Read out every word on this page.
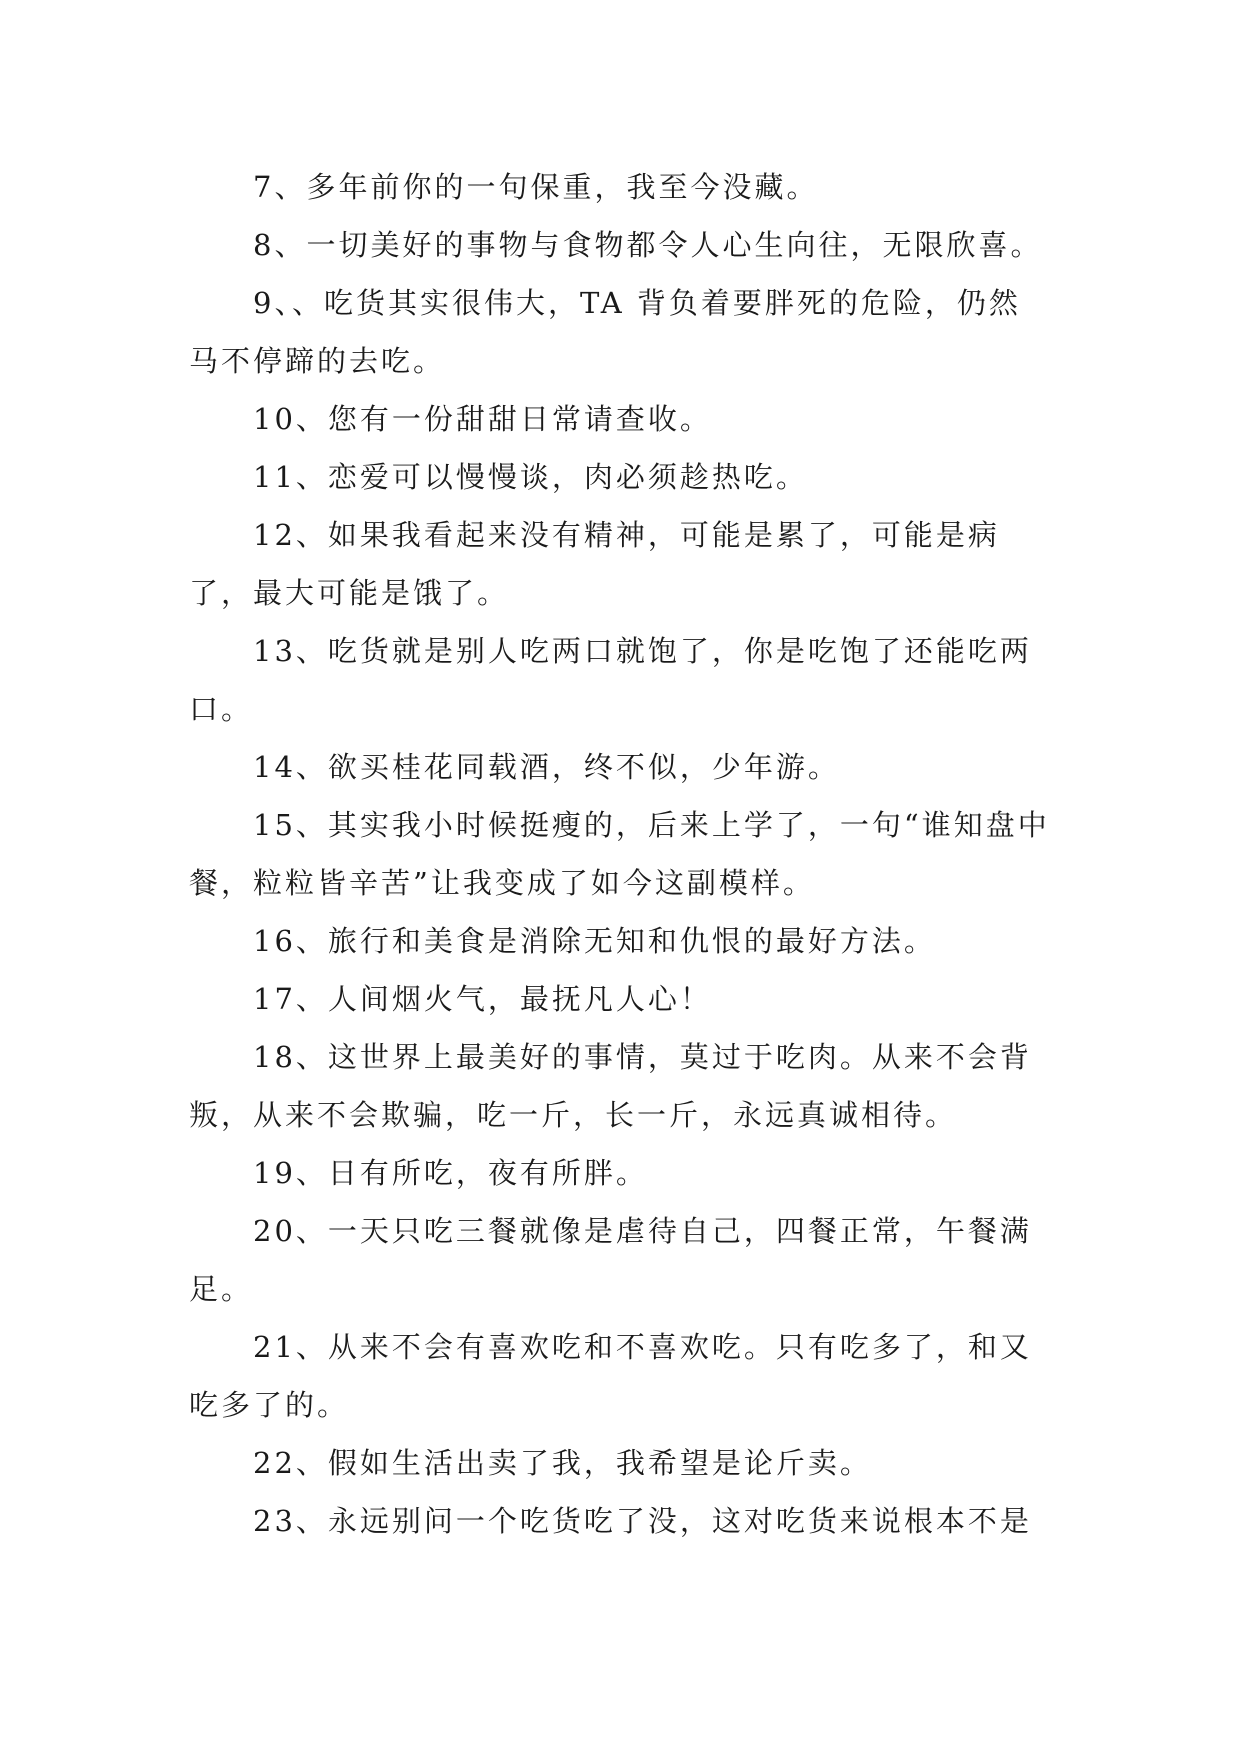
7、多年前你的一句保重，我至今没藏。

8、一切美好的事物与食物都令人心生向往，无限欣喜。

9、、吃货其实很伟大，TA 背负着要胖死的危险，仍然马不停蹄的去吃。

10、您有一份甜甜日常请查收。

11、恋爱可以慢慢谈，肉必须趁热吃。

12、如果我看起来没有精神，可能是累了，可能是病了，最大可能是饿了。

13、吃货就是别人吃两口就饱了，你是吃饱了还能吃两口。

14、欲买桂花同载酒，终不似，少年游。

15、其实我小时候挺瘦的，后来上学了，一句“谁知盘中餐，粒粒皆辛苦”让我变成了如今这副模样。

16、旅行和美食是消除无知和仇恨的最好方法。

17、人间烟火气，最抚凡人心！

18、这世界上最美好的事情，莫过于吃肉。从来不会背叛，从来不会欺骗，吃一斤，长一斤，永远真诚相待。

19、日有所吃，夜有所胖。

20、一天只吃三餐就像是虐待自己，四餐正常，午餐满足。

21、从来不会有喜欢吃和不喜欢吃。只有吃多了，和又吃多了的。

22、假如生活出卖了我，我希望是论斤卖。

23、永远别问一个吃货吃了没，这对吃货来说根本不是
